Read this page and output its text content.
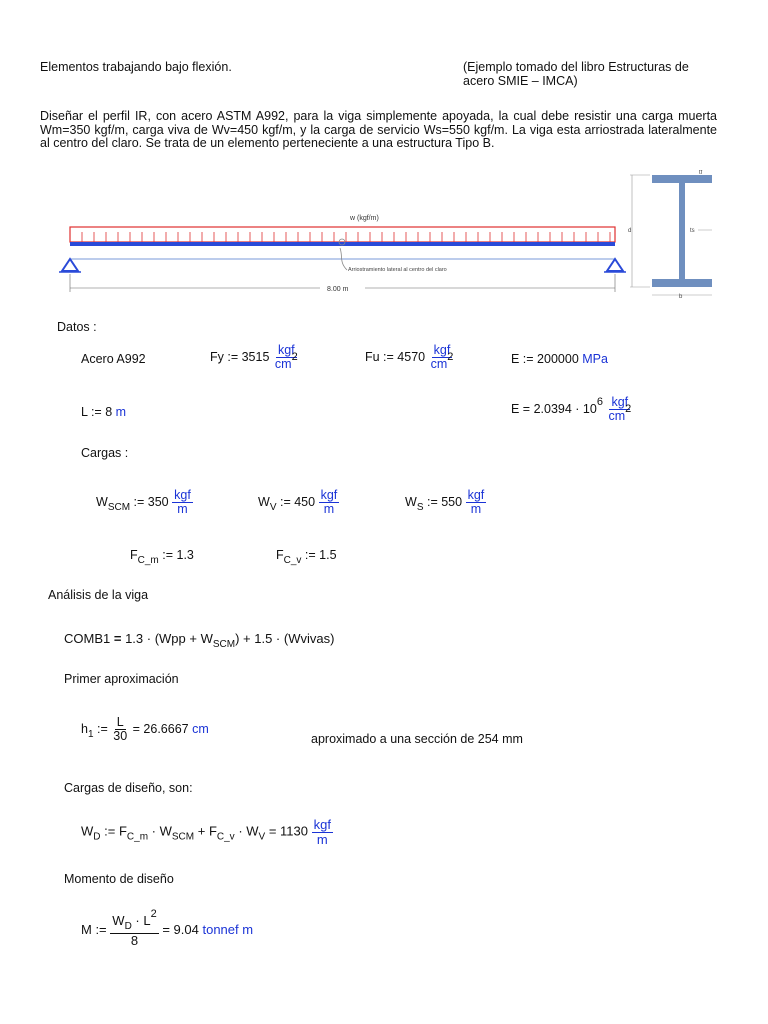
Elementos trabajando bajo flexión.	(Ejemplo tomado del libro Estructuras de
acero SMIE – IMCA)

Diseñar el perfil IR, con acero ASTM A992, para la viga simplemente apoyada, la cual debe resistir una carga muerta Wm=350 kgf/m, carga viva de Wv=450 kgf/m, y la carga de servicio Ws=550 kgf/m. La viga esta arriostrada lateralmente al centro del claro. Se trata de un elemento perteneciente a una estructura Tipo B.

w (kgf/m)
Arriostramiento lateral al centro del claro
8.00 m
d	ts
tf
b
Datos :
Acero A992	Fy := $3515 \frac{\text{kgf}}{cm2}$	Fu := $4570 \frac{\text{kgf}}{cm2}$	E := 200000 MPa
L := 8 m	$E = 2.0394 \cdot 106 \frac{\text{kgf}}{cm2}$
Cargas :
$W_{SCM}$ := $350 \frac{\text{kgf}}{m}$	$W_V$ := $450 \frac{\text{kgf}}{m}$	$W_S$ := $550 \frac{\text{kgf}}{m}$
$F_{C\_m}$ := 1.3	$F_{C\_v}$ := 1.5
Análisis de la viga
COMB1 = $1.3 \cdot (Wpp + W_{SCM}) + 1.5$ · (Wvivas)
Primer aproximación
$h_1$ := $\frac{L}{30} = 26.6667$ cm
aproximado a una sección de 254 mm
Cargas de diseño, son:
$W_D$ := $F_{C\_m} \cdot W_{SCM} + F_{C\_v} \cdot W_V = 1130 \frac{\text{kgf}}{m}$
Momento de diseño
M := $\frac{W_D \cdot L^2}{8} = 9.04$ tonnef m
